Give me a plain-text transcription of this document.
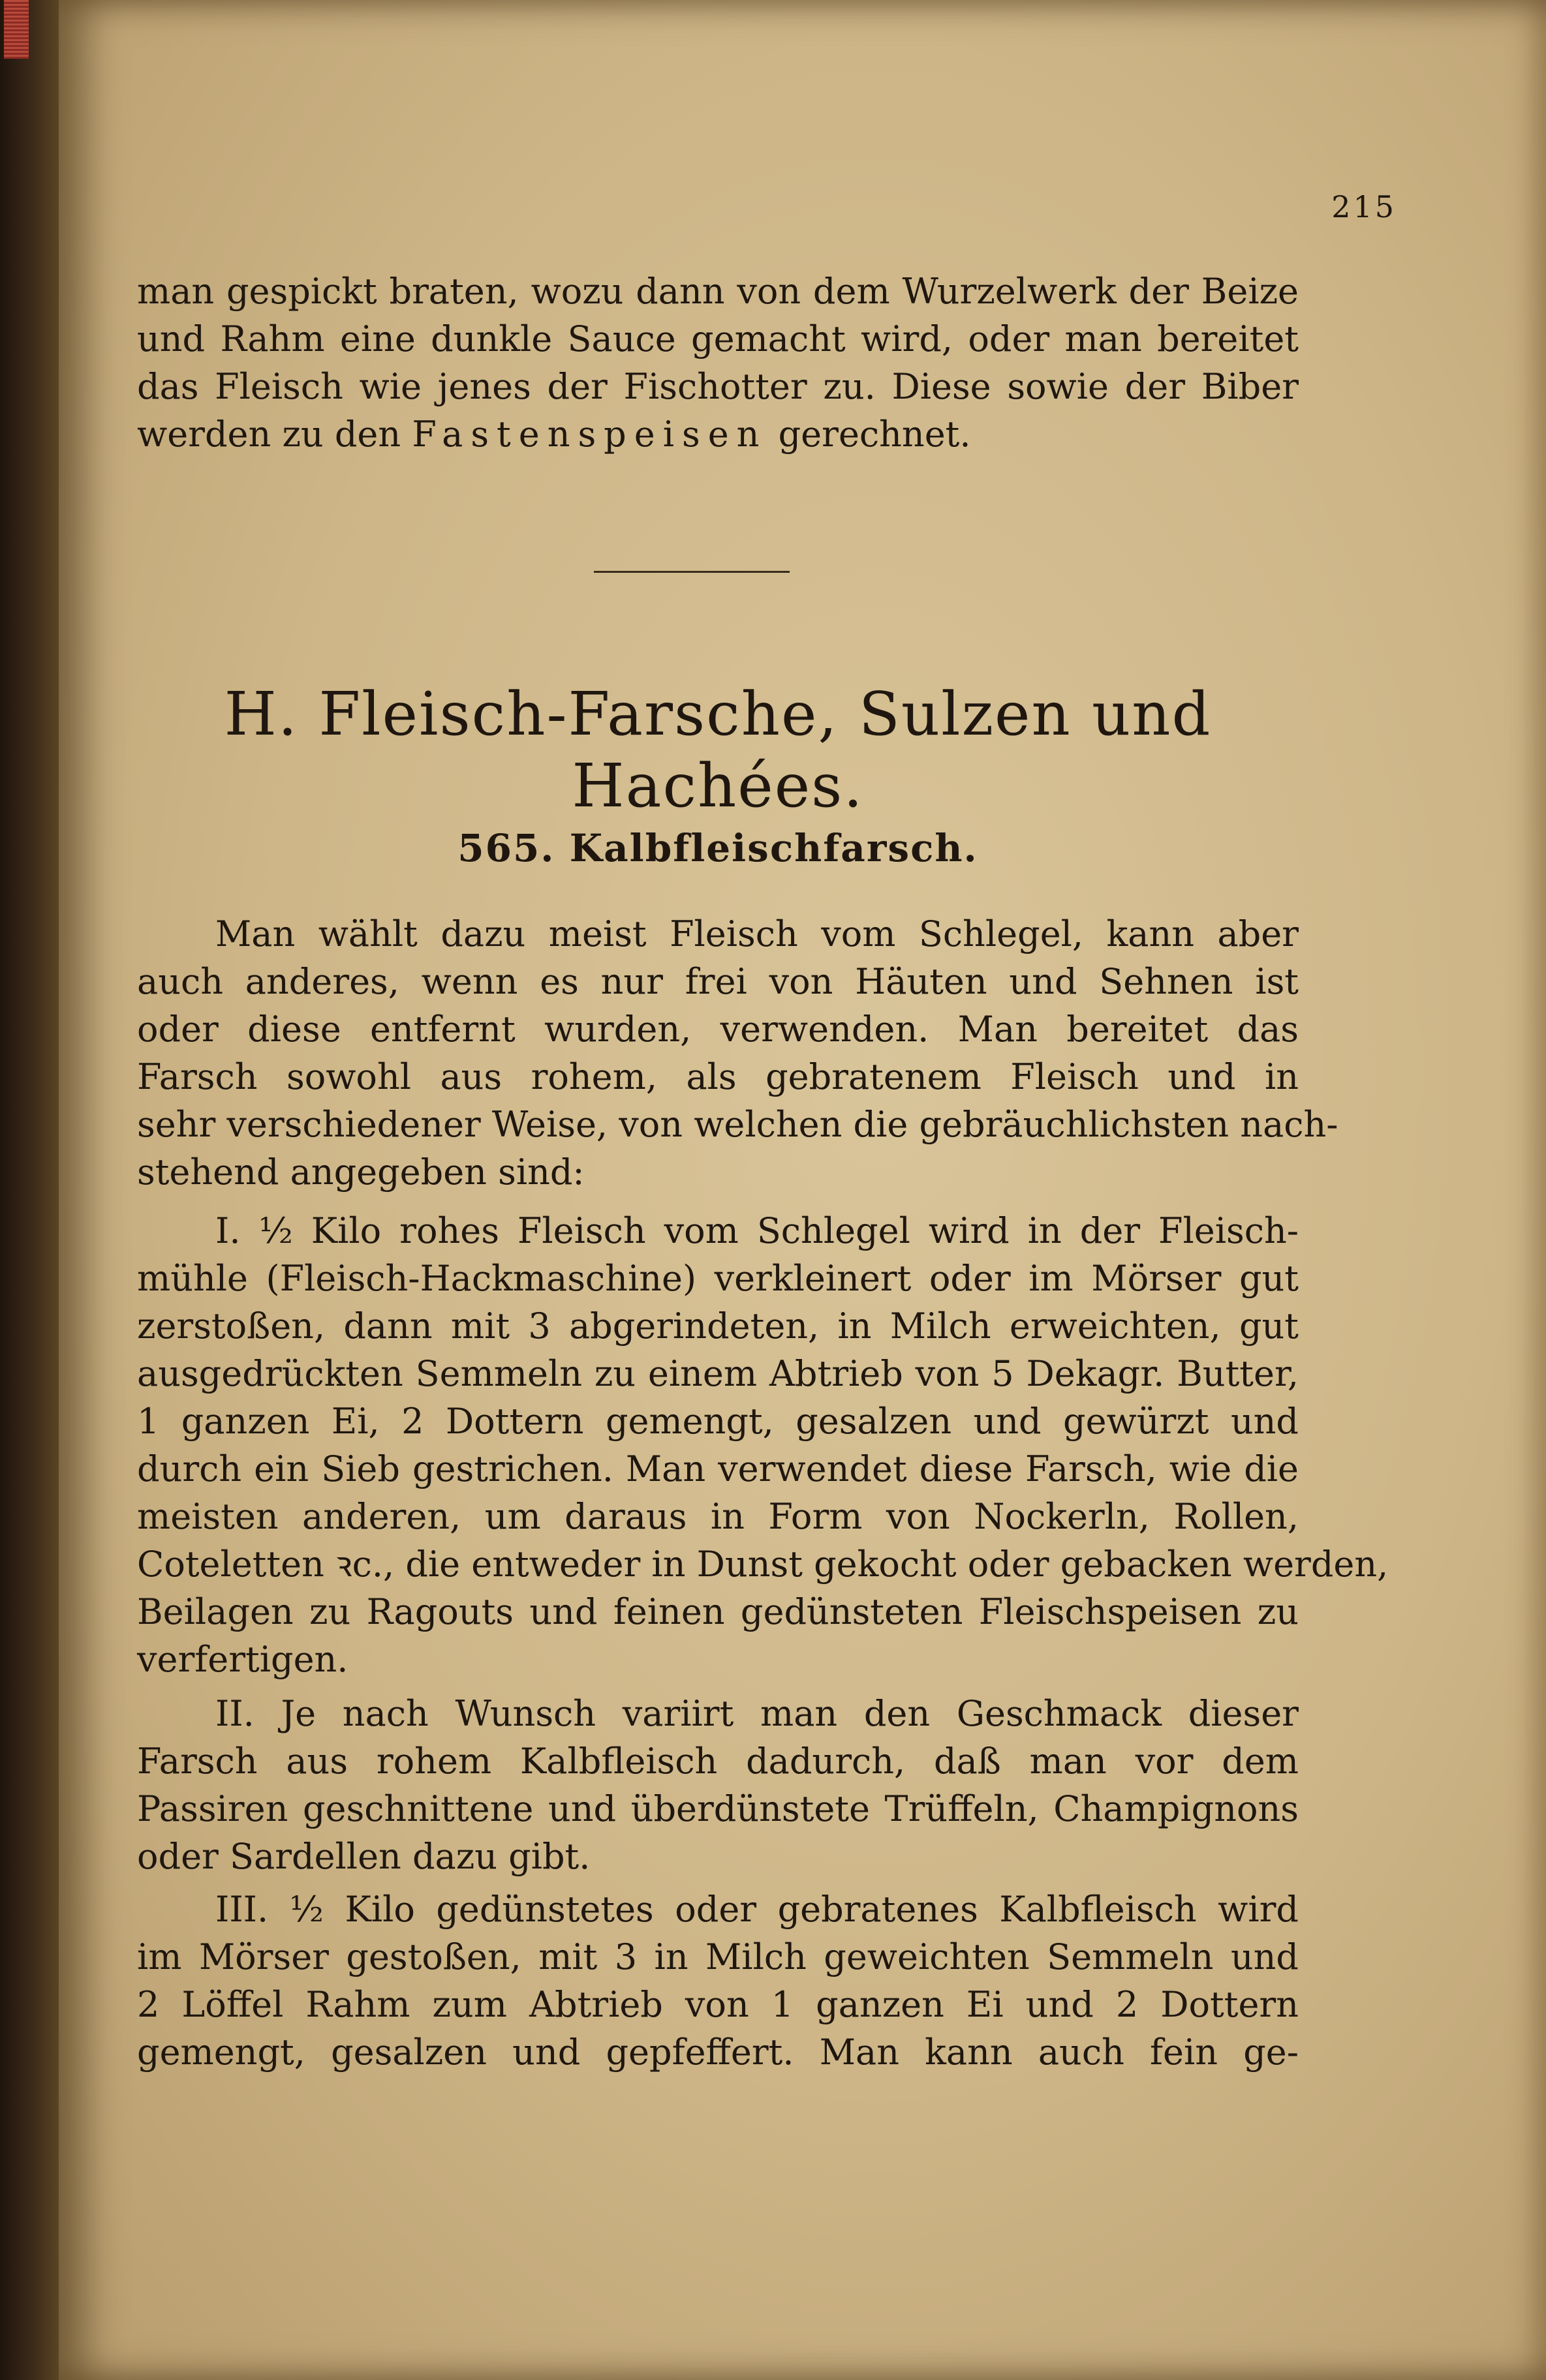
215
man gespickt braten, wozu dann von dem Wurzelwerk der Beize
und Rahm eine dunkle Sauce gemacht wird, oder man bereitet
das Fleisch wie jenes der Fischotter zu. Diese sowie der Biber
werden zu den Fastenspeisen gerechnet.
H. Fleisch-Farsche, Sulzen und Hachées.
565. Kalbfleischfarsch.
Man wählt dazu meist Fleisch vom Schlegel, kann aber
auch anderes, wenn es nur frei von Häuten und Sehnen ist
oder diese entfernt wurden, verwenden. Man bereitet das
Farsch sowohl aus rohem, als gebratenem Fleisch und in
sehr verschiedener Weise, von welchen die gebräuchlichsten nach-
stehend angegeben sind:
I. ½ Kilo rohes Fleisch vom Schlegel wird in der Fleisch-
mühle (Fleisch-Hackmaschine) verkleinert oder im Mörser gut
zerstoßen, dann mit 3 abgerindeten, in Milch erweichten, gut
ausgedrückten Semmeln zu einem Abtrieb von 5 Dekagr. Butter,
1 ganzen Ei, 2 Dottern gemengt, gesalzen und gewürzt und
durch ein Sieb gestrichen. Man verwendet diese Farsch, wie die
meisten anderen, um daraus in Form von Nockerln, Rollen,
Coteletten ꝛc., die entweder in Dunst gekocht oder gebacken werden,
Beilagen zu Ragouts und feinen gedünsteten Fleischspeisen zu
verfertigen.
II. Je nach Wunsch variirt man den Geschmack dieser
Farsch aus rohem Kalbfleisch dadurch, daß man vor dem
Passiren geschnittene und überdünstete Trüffeln, Champignons
oder Sardellen dazu gibt.
III. ½ Kilo gedünstetes oder gebratenes Kalbfleisch wird
im Mörser gestoßen, mit 3 in Milch geweichten Semmeln und
2 Löffel Rahm zum Abtrieb von 1 ganzen Ei und 2 Dottern
gemengt, gesalzen und gepfeffert. Man kann auch fein ge-
